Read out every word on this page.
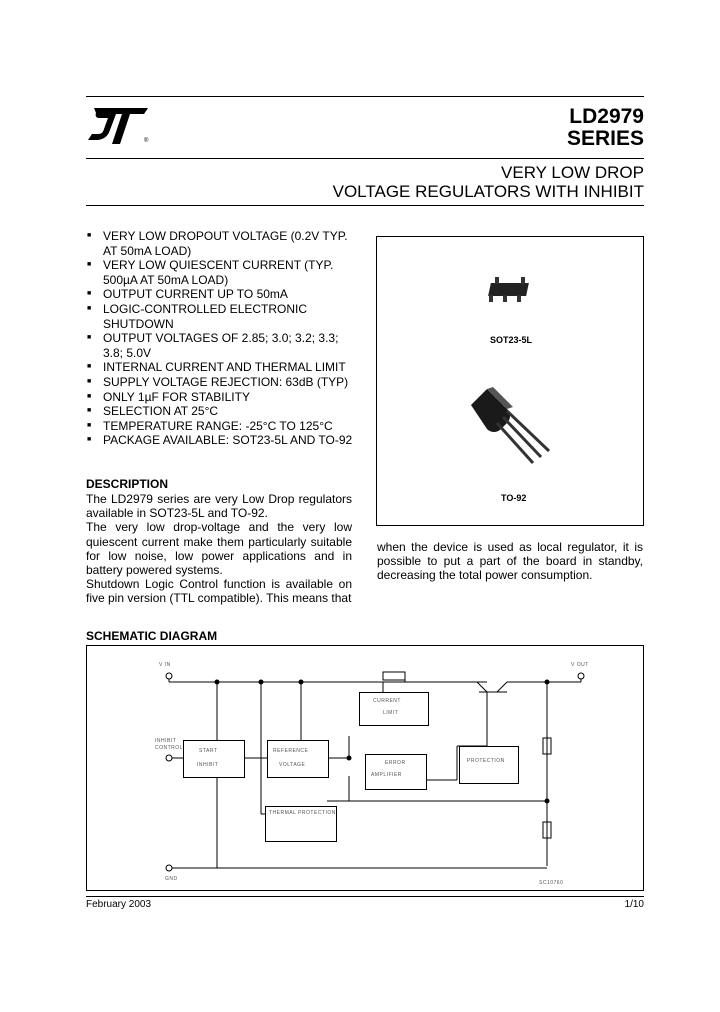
®
LD2979
SERIES
VERY LOW DROP
VOLTAGE REGULATORS WITH INHIBIT
■ VERY LOW DROPOUT VOLTAGE (0.2V TYP. AT 50mA LOAD)
■ VERY LOW QUIESCENT CURRENT (TYP. 500µA AT 50mA LOAD)
■ OUTPUT CURRENT UP TO 50mA
■ LOGIC-CONTROLLED ELECTRONIC SHUTDOWN
■ OUTPUT VOLTAGES OF 2.85; 3.0; 3.2; 3.3; 3.8; 5.0V
■ INTERNAL CURRENT AND THERMAL LIMIT
■ SUPPLY VOLTAGE REJECTION: 63dB (TYP)
■ ONLY 1µF FOR STABILITY
■ SELECTION AT 25°C
■ TEMPERATURE RANGE: -25°C TO 125°C
■ PACKAGE AVAILABLE: SOT23-5L AND TO-92
SOT23-5L
TO-92
DESCRIPTION
The LD2979 series are very Low Drop regulators available in SOT23-5L and TO-92.
The very low drop-voltage and the very low quiescent current make them particularly suitable for low noise, low power applications and in battery powered systems.
Shutdown Logic Control function is available on five pin version (TTL compatible). This means that
when the device is used as local regulator, it is possible to put a part of the board in standby, decreasing the total power consumption.
SCHEMATIC DIAGRAM
START
INHIBIT
REFERENCE
VOLTAGE
CURRENT
LIMIT
ERROR
AMPLIFIER
PROTECTION
THERMAL PROTECTION
V IN	V OUT
INHIBIT CONTROL
GND
SC10760
February 2003	1/10
